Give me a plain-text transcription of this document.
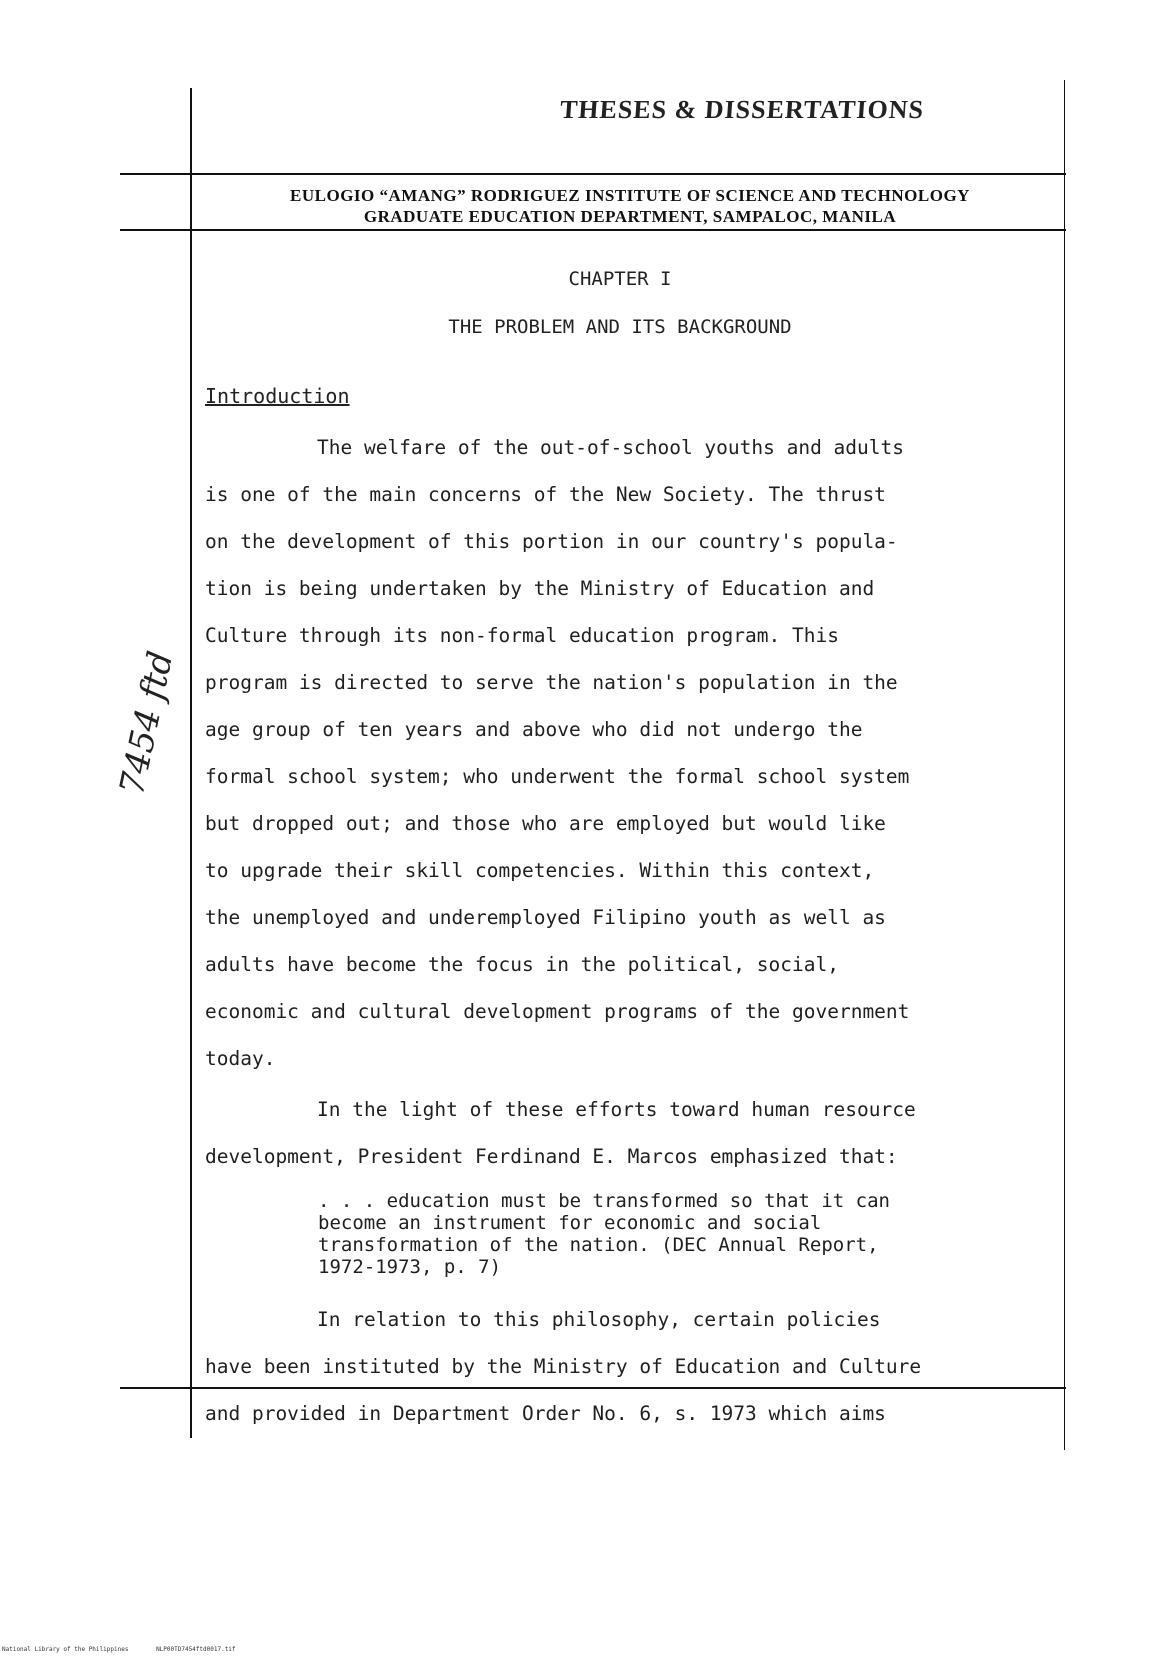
THESES & DISSERTATIONS
EULOGIO “AMANG” RODRIGUEZ INSTITUTE OF SCIENCE AND TECHNOLOGY
GRADUATE EDUCATION DEPARTMENT, SAMPALOC, MANILA
CHAPTER I
THE PROBLEM AND ITS BACKGROUND
Introduction
The welfare of the out-of-school youths and adults
is one of the main concerns of the New Society. The thrust
on the development of this portion in our country's popula-
tion is being undertaken by the Ministry of Education and
Culture through its non-formal education program. This
program is directed to serve the nation's population in the
age group of ten years and above who did not undergo the
formal school system; who underwent the formal school system
but dropped out; and those who are employed but would like
to upgrade their skill competencies. Within this context,
the unemployed and underemployed Filipino youth as well as
adults have become the focus in the political, social,
economic and cultural development programs of the government
today.
In the light of these efforts toward human resource
development, President Ferdinand E. Marcos emphasized that:
. . . education must be transformed so that it can
become an instrument for economic and social
transformation of the nation. (DEC Annual Report,
1972-1973, p. 7)
In relation to this philosophy, certain policies
have been instituted by the Ministry of Education and Culture
and provided in Department Order No. 6, s. 1973 which aims
7454 ftd
National Library of the Philippines	NLP00TD7454ftd0017.tif
